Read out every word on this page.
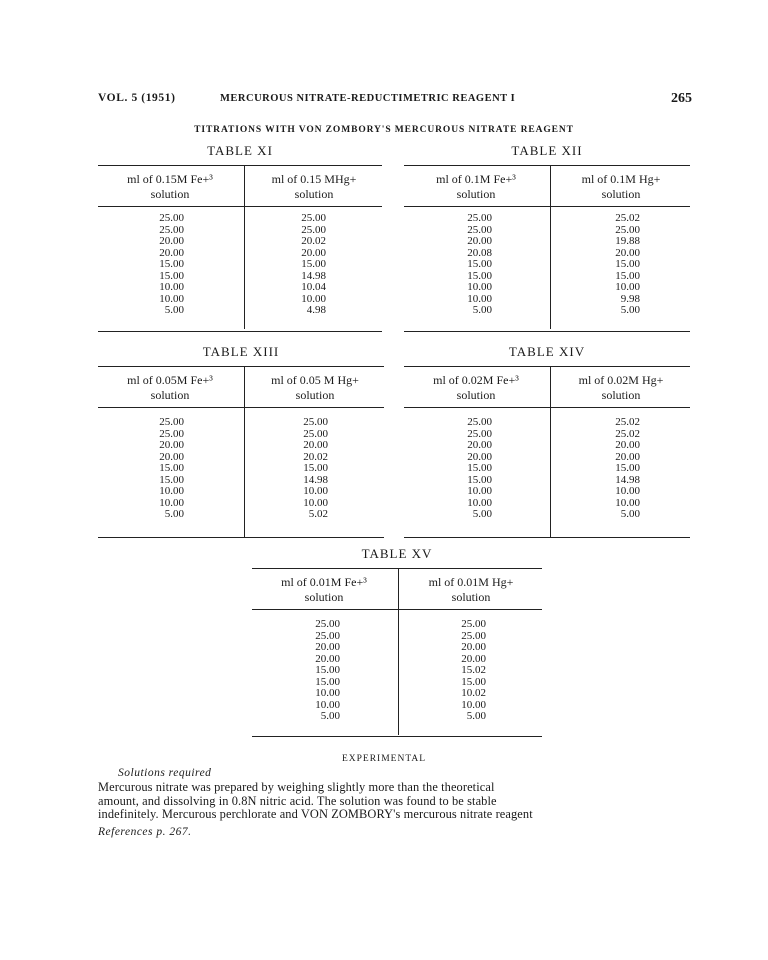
VOL. 5 (1951)	MERCUROUS NITRATE-REDUCTIMETRIC REAGENT I	265
TITRATIONS WITH VON ZOMBORY'S MERCUROUS NITRATE REAGENT
TABLE XI
ml of 0.15M Fe+³
solution
ml of 0.15 MHg+
solution
25.00
25.00
20.00
20.00
15.00
15.00
10.00
10.00
5.00
25.00
25.00
20.02
20.00
15.00
14.98
10.04
10.00
4.98
TABLE XII
ml of 0.1M Fe+³
solution
ml of 0.1M Hg+
solution
25.00
25.00
20.00
20.08
15.00
15.00
10.00
10.00
5.00
25.02
25.00
19.88
20.00
15.00
15.00
10.00
9.98
5.00
TABLE XIII
ml of 0.05M Fe+³
solution
ml of 0.05 M Hg+
solution
25.00
25.00
20.00
20.00
15.00
15.00
10.00
10.00
5.00
25.00
25.00
20.00
20.02
15.00
14.98
10.00
10.00
5.02
TABLE XIV
ml of 0.02M Fe+³
solution
ml of 0.02M Hg+
solution
25.00
25.00
20.00
20.00
15.00
15.00
10.00
10.00
5.00
25.02
25.02
20.00
20.00
15.00
14.98
10.00
10.00
5.00
TABLE XV
ml of 0.01M Fe+³
solution
ml of 0.01M Hg+
solution
25.00
25.00
20.00
20.00
15.00
15.00
10.00
10.00
5.00
25.00
25.00
20.00
20.00
15.02
15.00
10.02
10.00
5.00
EXPERIMENTAL
Solutions required
Mercurous nitrate was prepared by weighing slightly more than the theoretical
amount, and dissolving in 0.8N nitric acid. The solution was found to be stable
indefinitely. Mercurous perchlorate and VON ZOMBORY's mercurous nitrate reagent
References p. 267.
